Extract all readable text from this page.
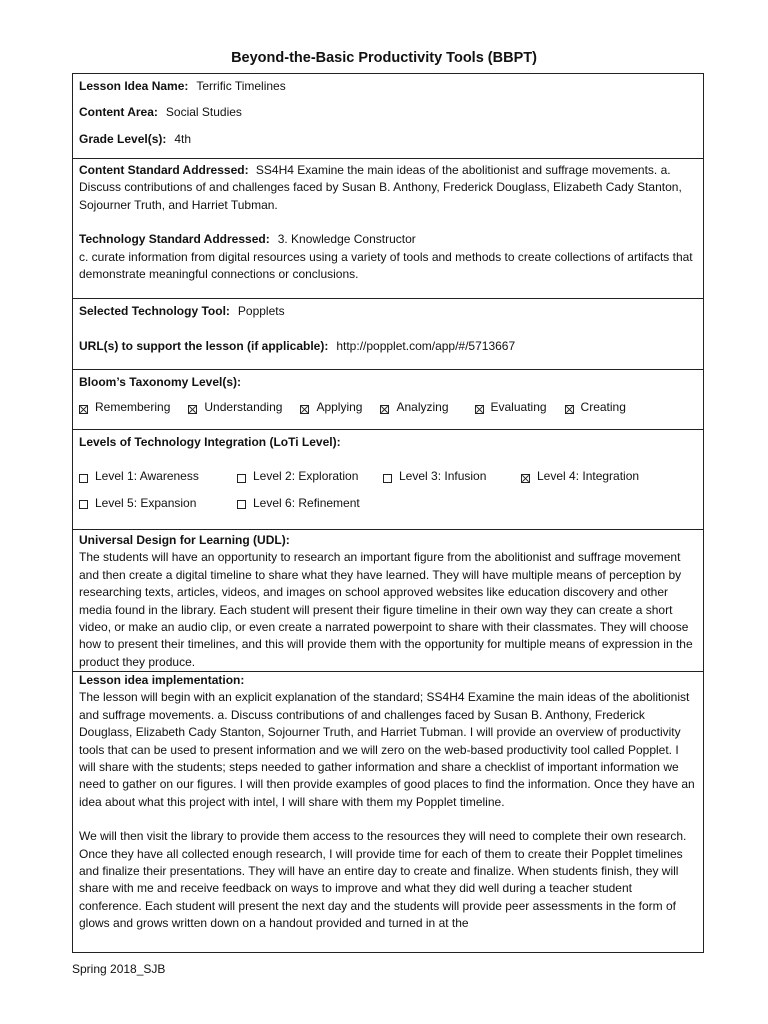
Beyond-the-Basic Productivity Tools (BBPT)
Lesson Idea Name: Terrific Timelines
Content Area: Social Studies
Grade Level(s): 4th

Content Standard Addressed: SS4H4 Examine the main ideas of the abolitionist and suffrage movements. a. Discuss contributions of and challenges faced by Susan B. Anthony, Frederick Douglass, Elizabeth Cady Stanton, Sojourner Truth, and Harriet Tubman.

Technology Standard Addressed: 3. Knowledge Constructor

c. curate information from digital resources using a variety of tools and methods to create collections of artifacts that demonstrate meaningful connections or conclusions.

Selected Technology Tool: Popplets
URL(s) to support the lesson (if applicable): http://popplet.com/app/#/5713667
Bloom’s Taxonomy Level(s):
Remembering	Understanding	Applying	Analyzing	Evaluating	Creating
Levels of Technology Integration (LoTi Level):
Level 1: Awareness	Level 2: Exploration	Level 3: Infusion	Level 4: Integration
Level 5: Expansion	Level 6: Refinement
Universal Design for Learning (UDL):

The students will have an opportunity to research an important figure from the abolitionist and suffrage movement and then create a digital timeline to share what they have learned. They will have multiple means of perception by researching texts, articles, videos, and images on school approved websites like education discovery and other media found in the library. Each student will present their figure timeline in their own way they can create a short video, or make an audio clip, or even create a narrated powerpoint to share with their classmates. They will choose how to present their timelines, and this will provide them with the opportunity for multiple means of expression in the product they produce.

Lesson idea implementation:

The lesson will begin with an explicit explanation of the standard; SS4H4 Examine the main ideas of the abolitionist and suffrage movements. a. Discuss contributions of and challenges faced by Susan B. Anthony, Frederick Douglass, Elizabeth Cady Stanton, Sojourner Truth, and Harriet Tubman. I will provide an overview of productivity tools that can be used to present information and we will zero on the web-based productivity tool called Popplet. I will share with the students; steps needed to gather information and share a checklist of important information we need to gather on our figures. I will then provide examples of good places to find the information. Once they have an idea about what this project with intel, I will share with them my Popplet timeline.

We will then visit the library to provide them access to the resources they will need to complete their own research. Once they have all collected enough research, I will provide time for each of them to create their Popplet timelines and finalize their presentations. They will have an entire day to create and finalize. When students finish, they will share with me and receive feedback on ways to improve and what they did well during a teacher student conference. Each student will present the next day and the students will provide peer assessments in the form of glows and grows written down on a handout provided and turned in at the

Spring 2018_SJB
